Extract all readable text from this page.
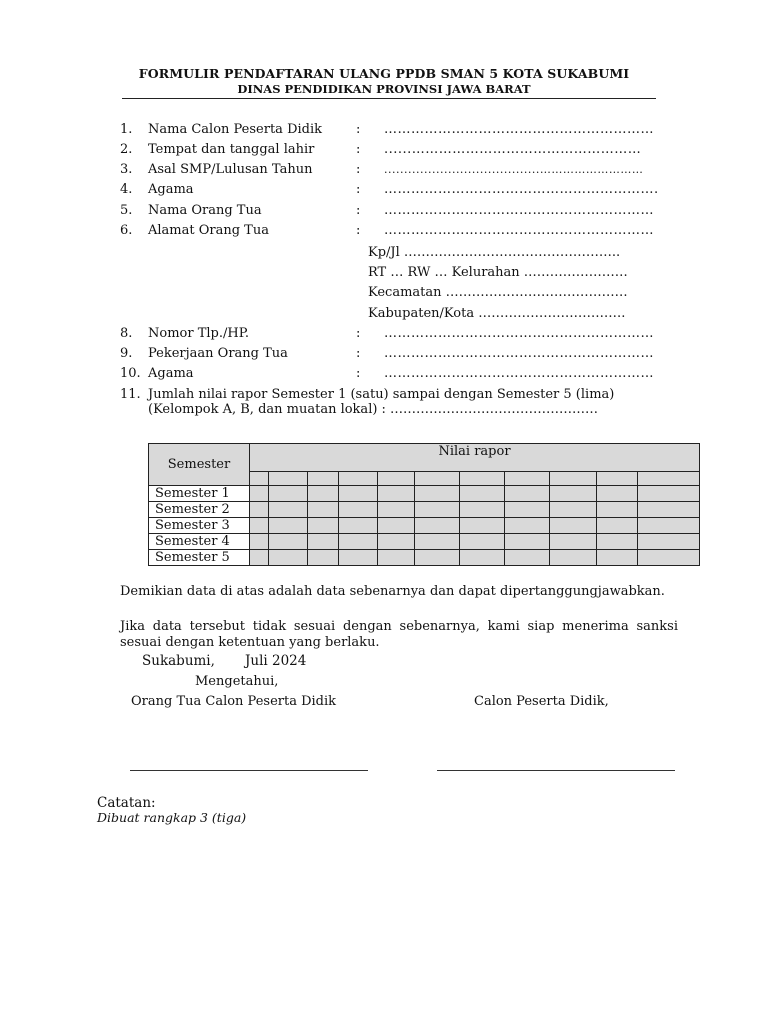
FORMULIR PENDAFTARAN ULANG PPDB SMAN 5 KOTA SUKABUMI
DINAS PENDIDIKAN PROVINSI JAWA BARAT
1. Nama Calon Peserta Didik	: ……………………………………………………
2. Tempat dan tanggal lahir	: ......……………………………………………
3. Asal SMP/Lulusan Tahun	: .......................................………………………
4. Agama	: …………………………………………………….
5. Nama Orang Tua	: ……………………………………………………
6. Alamat Orang Tua	: ……………………………………………………
Kp/Jl …………………………………………..
RT … RW … Kelurahan ……………………
Kecamatan ……………………………………
Kabupaten/Kota …………………………….
8. Nomor Tlp./HP.	: ……………………………………………………
9. Pekerjaan Orang Tua	: ……………………………………………………
10. Agama	: ……………………………………………………
11. Jumlah nilai rapor Semester 1 (satu) sampai dengan Semester 5 (lima)
(Kelompok A, B, dan muatan lokal) : …………………………………………
Semester	Nilai rapor										

Semester 1											
Semester 2											
Semester 3											
Semester 4											
Semester 5											
Demikian data di atas adalah data sebenarnya dan dapat dipertanggungjawabkan.
Jika data tersebut tidak sesuai dengan sebenarnya, kami siap menerima sanksi sesuai dengan ketentuan yang berlaku.
Sukabumi,       Juli 2024
Mengetahui,
Orang Tua Calon Peserta Didik	Calon Peserta Didik,
Catatan:
Dibuat rangkap 3 (tiga)
